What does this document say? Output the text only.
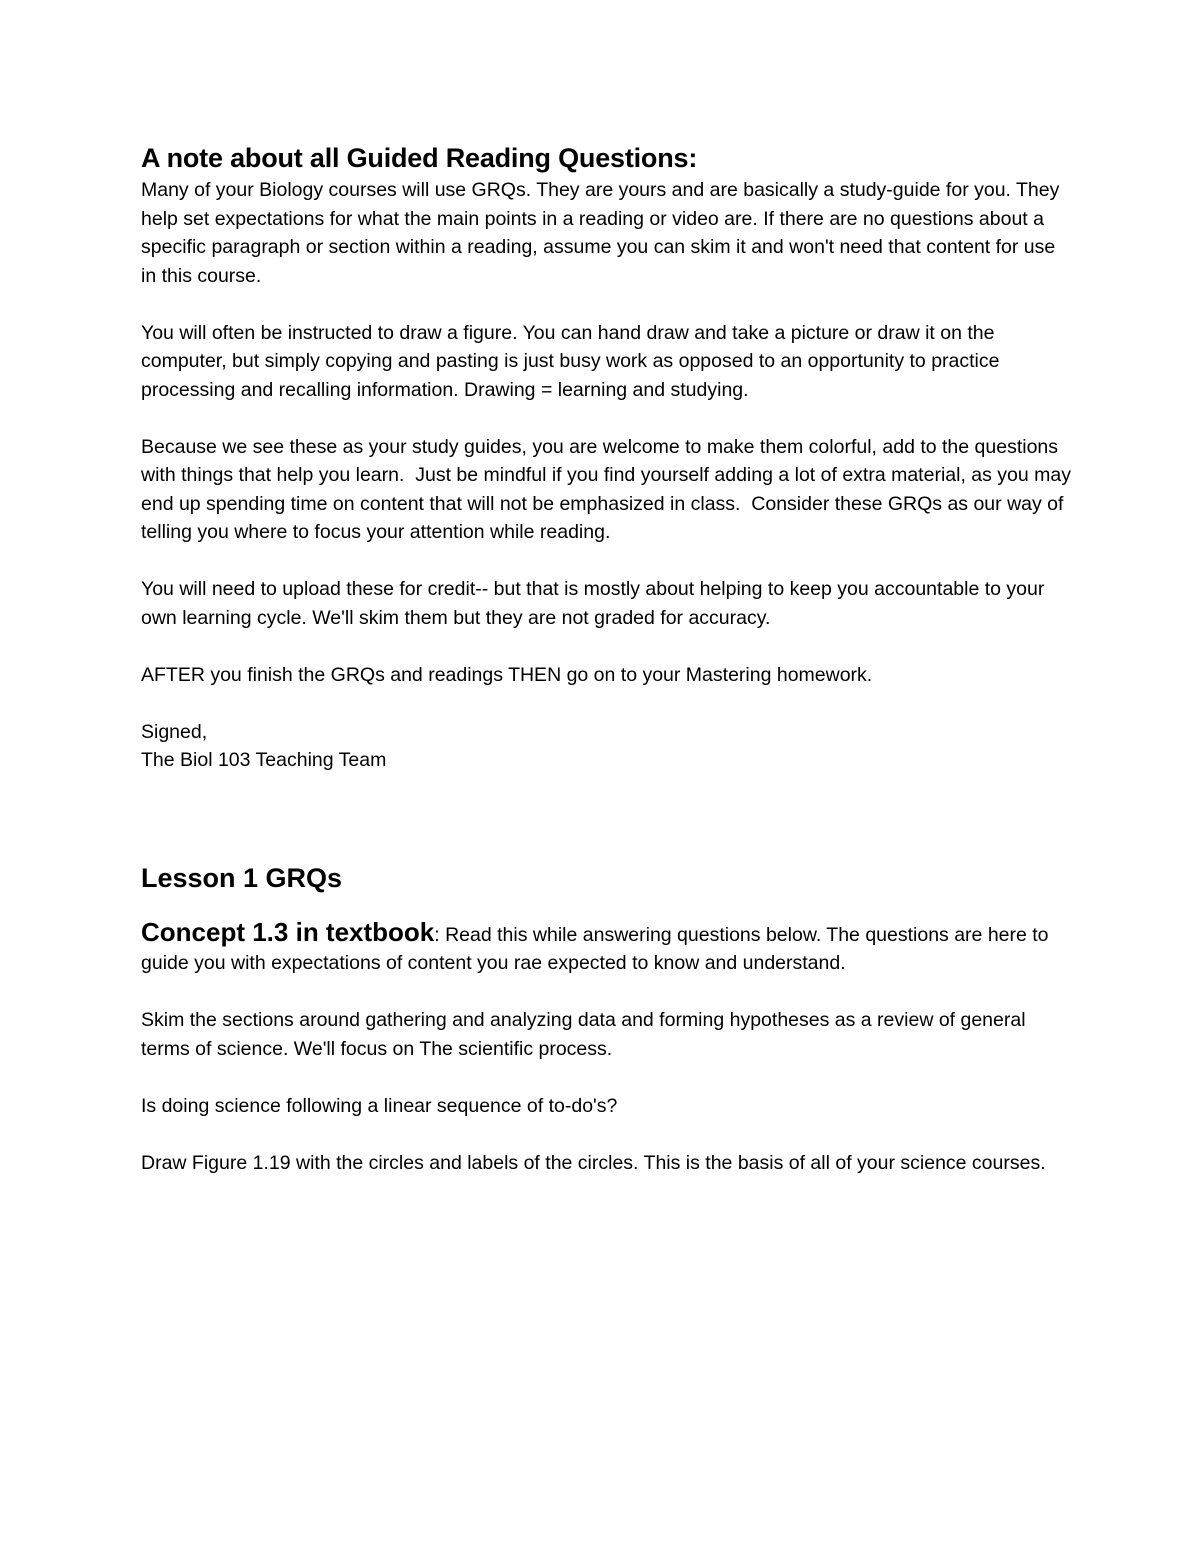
A note about all Guided Reading Questions:

Many of your Biology courses will use GRQs. They are yours and are basically a study-guide for you. They help set expectations for what the main points in a reading or video are. If there are no questions about a specific paragraph or section within a reading, assume you can skim it and won't need that content for use in this course.

You will often be instructed to draw a figure. You can hand draw and take a picture or draw it on the computer, but simply copying and pasting is just busy work as opposed to an opportunity to practice processing and recalling information. Drawing = learning and studying.

Because we see these as your study guides, you are welcome to make them colorful, add to the questions with things that help you learn.  Just be mindful if you find yourself adding a lot of extra material, as you may end up spending time on content that will not be emphasized in class.  Consider these GRQs as our way of telling you where to focus your attention while reading.

You will need to upload these for credit-- but that is mostly about helping to keep you accountable to your own learning cycle. We'll skim them but they are not graded for accuracy.

AFTER you finish the GRQs and readings THEN go on to your Mastering homework.

Signed,

The Biol 103 Teaching Team

Lesson 1 GRQs

Concept 1.3 in textbook: Read this while answering questions below. The questions are here to guide you with expectations of content you rae expected to know and understand.

Skim the sections around gathering and analyzing data and forming hypotheses as a review of general terms of science. We'll focus on The scientific process.

Is doing science following a linear sequence of to-do's?

Draw Figure 1.19 with the circles and labels of the circles. This is the basis of all of your science courses.
